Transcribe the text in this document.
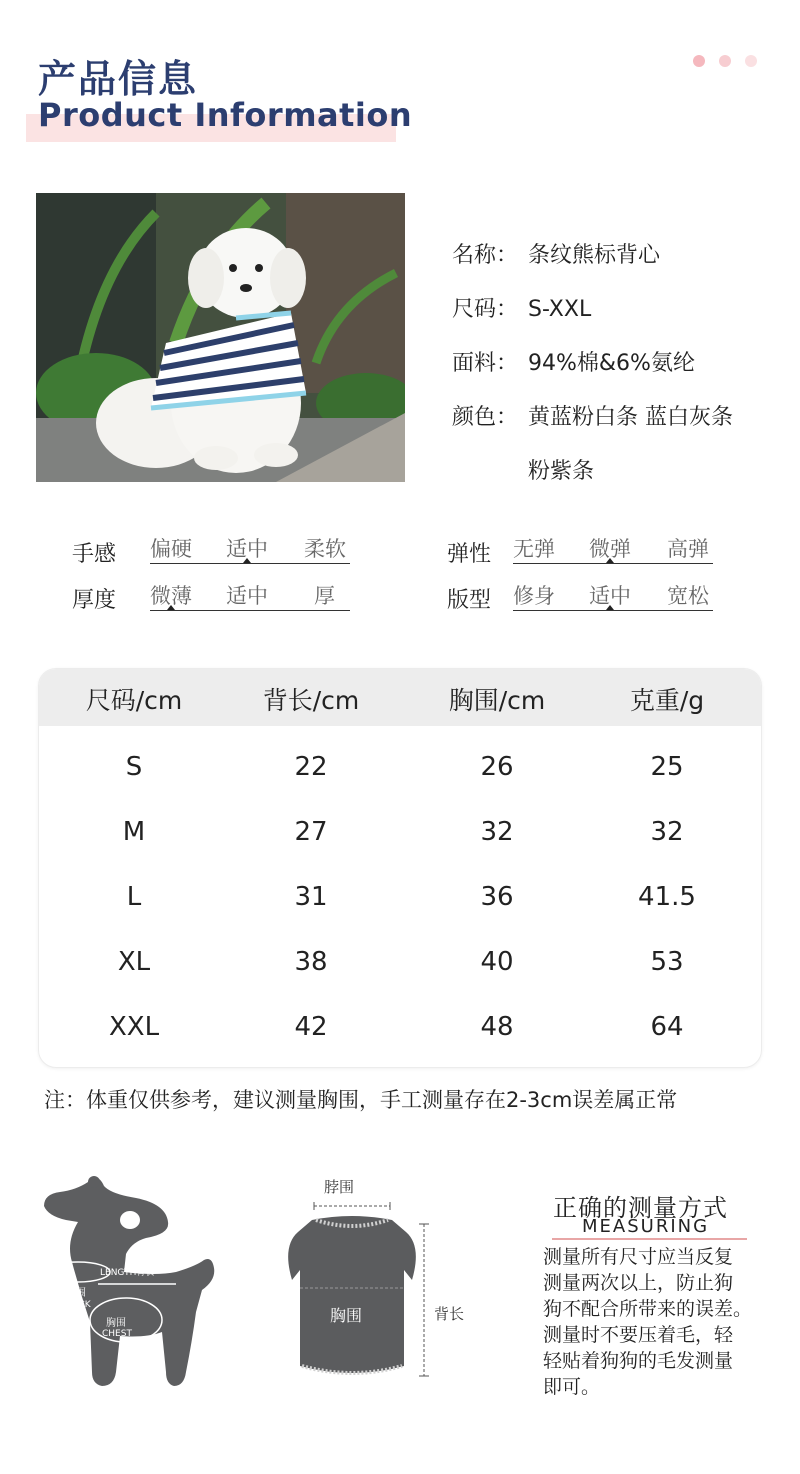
产品信息
Product Information
名称： 条纹熊标背心
尺码： S-XXL
面料： 94%棉&6%氨纶
颜色： 黄蓝粉白条 蓝白灰条
粉紫条
手感 偏硬 适中 柔软	弹性 无弹 微弹 高弹
厚度 微薄 适中 厚	版型 修身 适中 宽松
尺码/cm	背长/cm	胸围/cm	克重/g
S	22	26	25
M	27	32	32
L	31	36	41.5
XL	38	40	53
XXL	42	48	64
注：体重仅供参考，建议测量胸围，手工测量存在2-3cm误差属正常
LENGTH背长
脖围
NECK
胸围
CHEST
脖围
胸围	背长
正确的测量方式
MEASURING
测量所有尺寸应当反复
测量两次以上，防止狗
狗不配合所带来的误差。
测量时不要压着毛，轻
轻贴着狗狗的毛发测量
即可。
